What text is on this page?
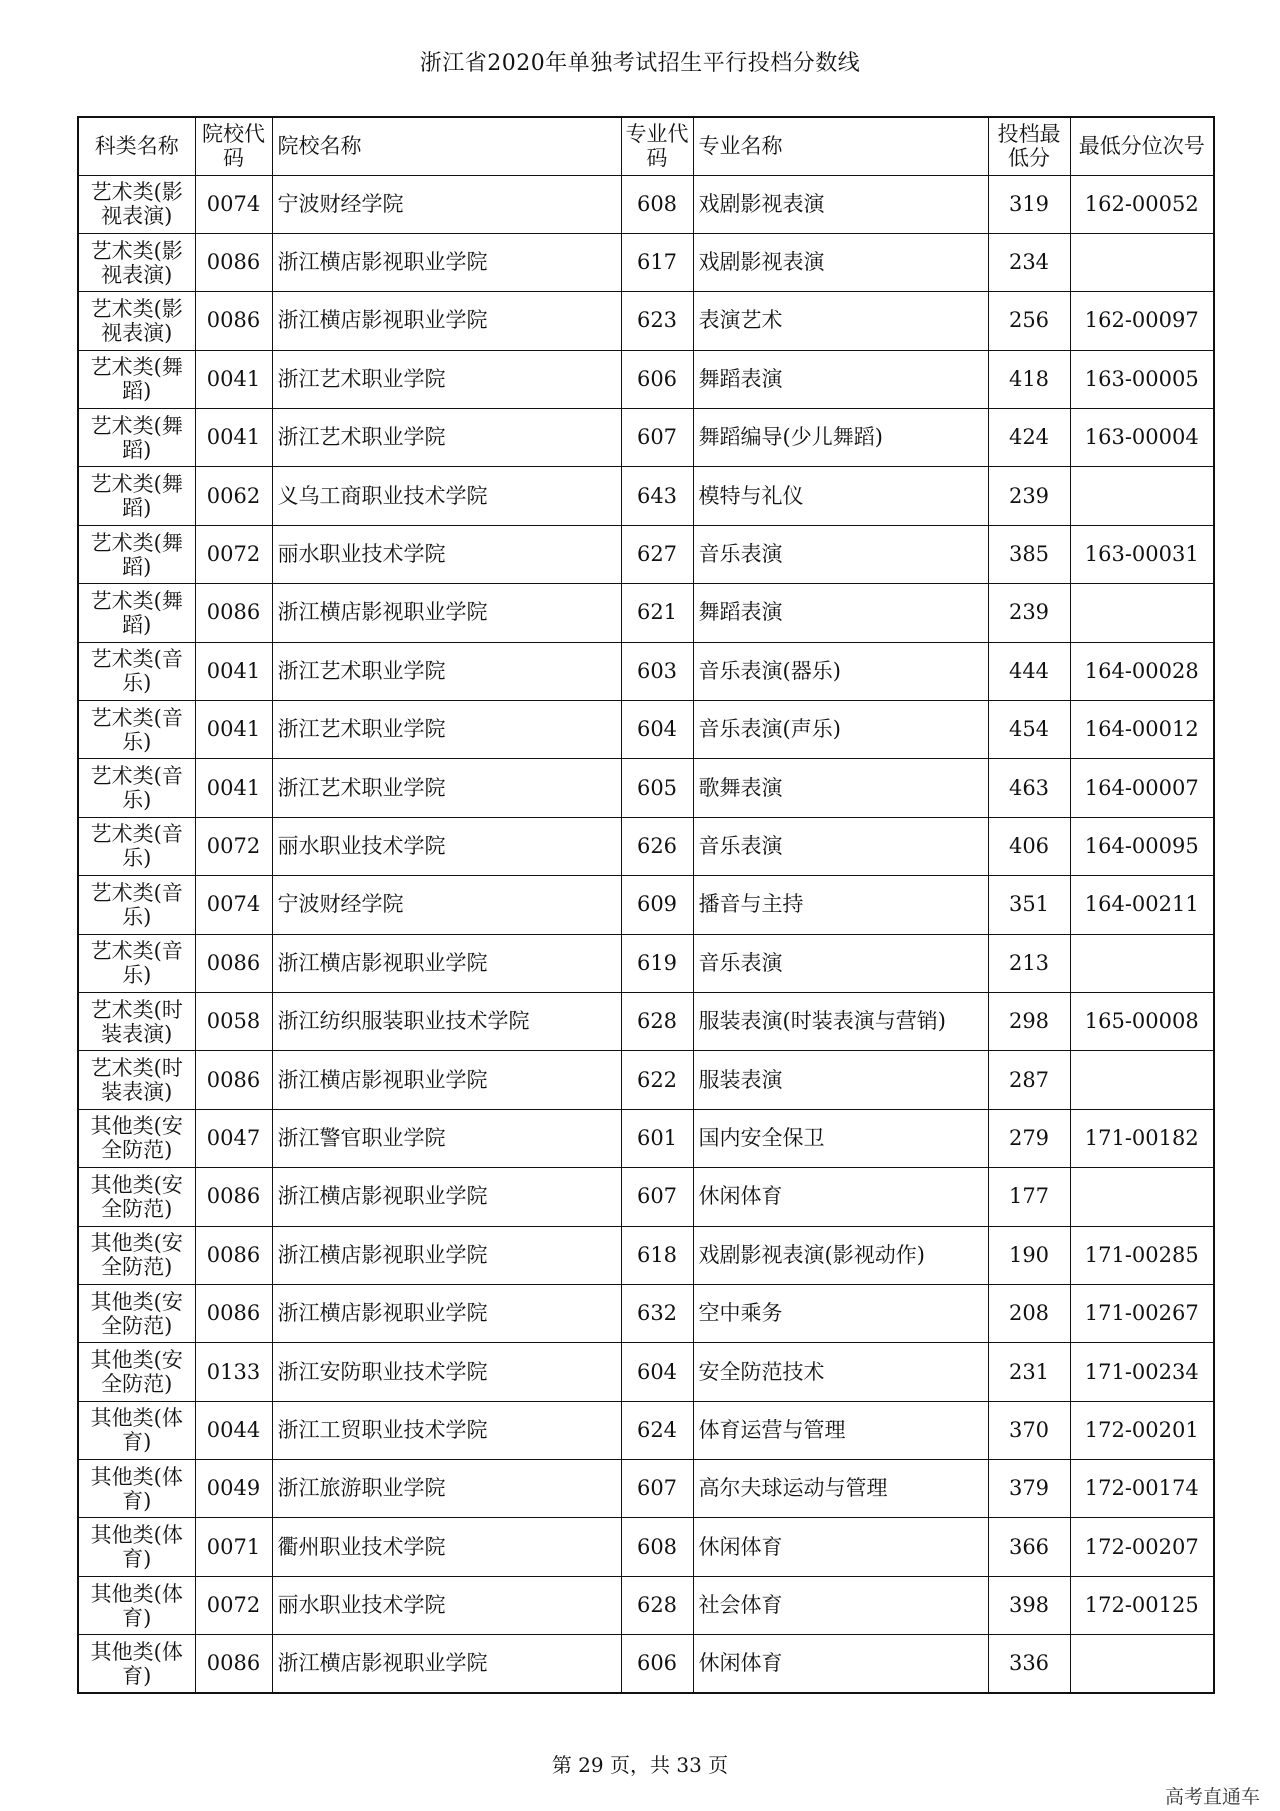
浙江省2020年单独考试招生平行投档分数线
科类名称	院校代码	院校名称	专业代码	专业名称	投档最低分	最低分位次号
艺术类(影视表演)	0074	宁波财经学院	608	戏剧影视表演	319	162-00052
艺术类(影视表演)	0086	浙江横店影视职业学院	617	戏剧影视表演	234	
艺术类(影视表演)	0086	浙江横店影视职业学院	623	表演艺术	256	162-00097
艺术类(舞蹈)	0041	浙江艺术职业学院	606	舞蹈表演	418	163-00005
艺术类(舞蹈)	0041	浙江艺术职业学院	607	舞蹈编导(少儿舞蹈)	424	163-00004
艺术类(舞蹈)	0062	义乌工商职业技术学院	643	模特与礼仪	239	
艺术类(舞蹈)	0072	丽水职业技术学院	627	音乐表演	385	163-00031
艺术类(舞蹈)	0086	浙江横店影视职业学院	621	舞蹈表演	239	
艺术类(音乐)	0041	浙江艺术职业学院	603	音乐表演(器乐)	444	164-00028
艺术类(音乐)	0041	浙江艺术职业学院	604	音乐表演(声乐)	454	164-00012
艺术类(音乐)	0041	浙江艺术职业学院	605	歌舞表演	463	164-00007
艺术类(音乐)	0072	丽水职业技术学院	626	音乐表演	406	164-00095
艺术类(音乐)	0074	宁波财经学院	609	播音与主持	351	164-00211
艺术类(音乐)	0086	浙江横店影视职业学院	619	音乐表演	213	
艺术类(时装表演)	0058	浙江纺织服装职业技术学院	628	服装表演(时装表演与营销)	298	165-00008
艺术类(时装表演)	0086	浙江横店影视职业学院	622	服装表演	287	
其他类(安全防范)	0047	浙江警官职业学院	601	国内安全保卫	279	171-00182
其他类(安全防范)	0086	浙江横店影视职业学院	607	休闲体育	177	
其他类(安全防范)	0086	浙江横店影视职业学院	618	戏剧影视表演(影视动作)	190	171-00285
其他类(安全防范)	0086	浙江横店影视职业学院	632	空中乘务	208	171-00267
其他类(安全防范)	0133	浙江安防职业技术学院	604	安全防范技术	231	171-00234
其他类(体育)	0044	浙江工贸职业技术学院	624	体育运营与管理	370	172-00201
其他类(体育)	0049	浙江旅游职业学院	607	高尔夫球运动与管理	379	172-00174
其他类(体育)	0071	衢州职业技术学院	608	休闲体育	366	172-00207
其他类(体育)	0072	丽水职业技术学院	628	社会体育	398	172-00125
其他类(体育)	0086	浙江横店影视职业学院	606	休闲体育	336	
第 29 页，共 33 页
高考直通车
